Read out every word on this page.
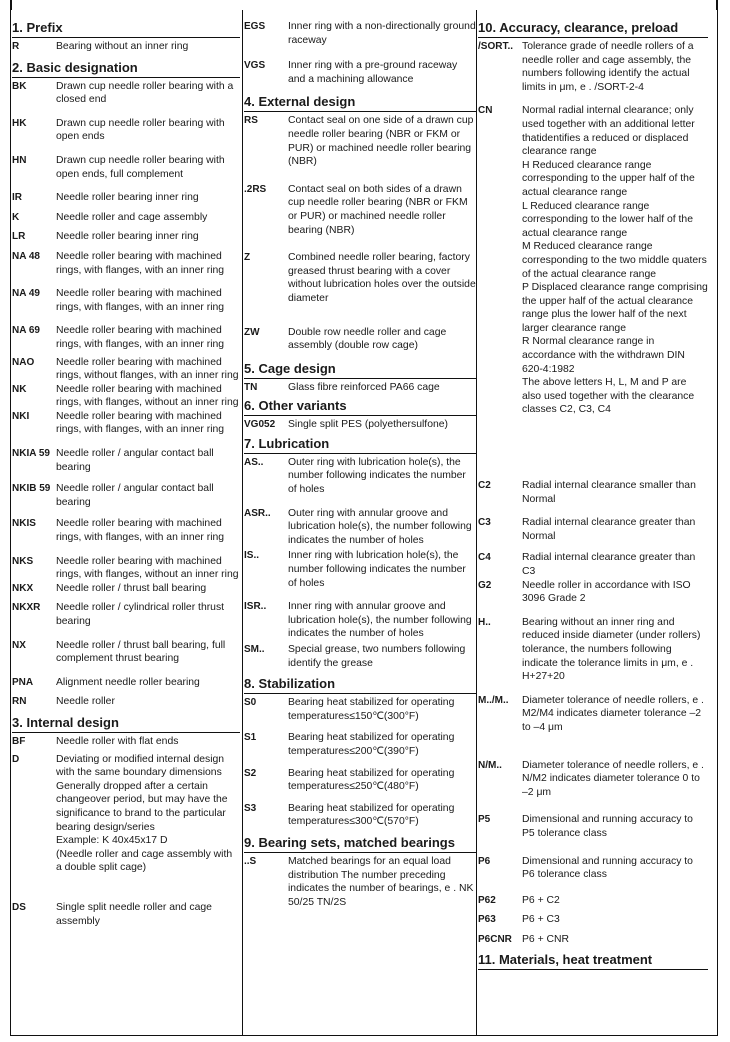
1. Prefix
R	Bearing without an inner ring
2. Basic designation
BK	Drawn cup needle roller bearing with a closed end
HK	Drawn cup needle roller bearing with open ends
HN	Drawn cup needle roller bearing with open ends, full complement
IR	Needle roller bearing inner ring
K	Needle roller and cage assembly
LR	Needle roller bearing inner ring
NA 48	Needle roller bearing with machined rings, with flanges, with an inner ring
NA 49	Needle roller bearing with machined rings, with flanges, with an inner ring
NA 69	Needle roller bearing with machined rings, with flanges, with an inner ring
NAO	Needle roller bearing with machined rings, without flanges, with an inner ring
NK	Needle roller bearing with machined rings, with flanges, without an inner ring
NKI	Needle roller bearing with machined rings, with flanges, with an inner ring
NKIA 59 Needle roller / angular contact ball bearing
NKIB 59 Needle roller / angular contact ball bearing
NKIS	Needle roller bearing with machined rings, with flanges, with an inner ring
NKS	Needle roller bearing with machined rings, with flanges, without an inner ring
NKX	Needle roller / thrust ball bearing
NKXR	Needle roller / cylindrical roller thrust bearing
NX	Needle roller / thrust ball bearing, full complement thrust bearing
PNA	Alignment needle roller bearing
RN	Needle roller
3. Internal design
BF	Needle roller with flat ends
D	Deviating or modified internal design with the same boundary dimensions Generally dropped after a certain changeover period, but may have the significance to brand to the particular bearing design/series
Example: K 40x45x17 D
(Needle roller and cage assembly with a double split cage)
DS	Single split needle roller and cage assembly
EGS	Inner ring with a non-directionally ground raceway
VGS	Inner ring with a pre-ground raceway and a machining allowance
4. External design
RS	Contact seal on one side of a drawn cup needle roller bearing (NBR or FKM or PUR) or machined needle roller bearing (NBR)
.2RS	Contact seal on both sides of a drawn cup needle roller bearing (NBR or FKM or PUR) or machined needle roller bearing (NBR)
Z	Combined needle roller bearing, factory greased thrust bearing with a cover without lubrication holes over the outside diameter
ZW	Double row needle roller and cage assembly (double row cage)
5. Cage design
TN	Glass fibre reinforced PA66 cage
6. Other variants
VG052	Single split PES (polyethersulfone)
7. Lubrication
AS..	Outer ring with lubrication hole(s), the number following indicates the number of holes
ASR..	Outer ring with annular groove and lubrication hole(s), the number following
indicates the number of holes
IS..	Inner ring with lubrication hole(s), the number following indicates the number of holes
ISR..	Inner ring with annular groove and lubrication hole(s), the number following
indicates the number of holes
SM..	Special grease, two numbers following identify the grease
8. Stabilization
S0	Bearing heat stabilized for operating temperatures≤150℃(300°F)
S1	Bearing heat stabilized for operating temperatures≤200℃(390°F)
S2	Bearing heat stabilized for operating temperatures≤250℃(480°F)
S3	Bearing heat stabilized for operating temperatures≤300℃(570°F)
9. Bearing sets, matched bearings
..S	Matched bearings for an equal load distribution The number preceding indicates the number of bearings, e . NK 50/25 TN/2S
10. Accuracy, clearance, preload
/SORT.. Tolerance grade of needle rollers of a needle roller and cage assembly, the numbers following identify the actual limits in μm, e . /SORT-2-4
CN	Normal radial internal clearance; only used together with an additional letter thatidentifies a reduced or displaced clearance range
H Reduced clearance range corresponding to the upper half of the actual clearance range
L Reduced clearance range corresponding to the lower half of the actual clearance range
M Reduced clearance range corresponding to the two middle quaters of the actual clearance range
P Displaced clearance range comprising the upper half of the actual clearance range plus the lower half of the next larger clearance range
R Normal clearance range in accordance with the withdrawn DIN 620-4:1982
The above letters H, L, M and P are also used together with the clearance classes C2, C3, C4
C2	Radial internal clearance smaller than Normal
C3	Radial internal clearance greater than Normal
C4	Radial internal clearance greater than C3
G2	Needle roller in accordance with ISO 3096 Grade 2
H..	Bearing without an inner ring and reduced inside diameter (under rollers) tolerance, the numbers following indicate the tolerance limits in μm, e . H+27+20
M../M..	Diameter tolerance of needle rollers, e . M2/M4 indicates diameter tolerance –2 to –4 μm
N/M..	Diameter tolerance of needle rollers, e . N/M2 indicates diameter tolerance 0 to –2 μm
P5	Dimensional and running accuracy to P5 tolerance class
P6	Dimensional and running accuracy to P6 tolerance class
P62	P6 + C2
P63	P6 + C3
P6CNR P6 + CNR
11. Materials, heat treatment
